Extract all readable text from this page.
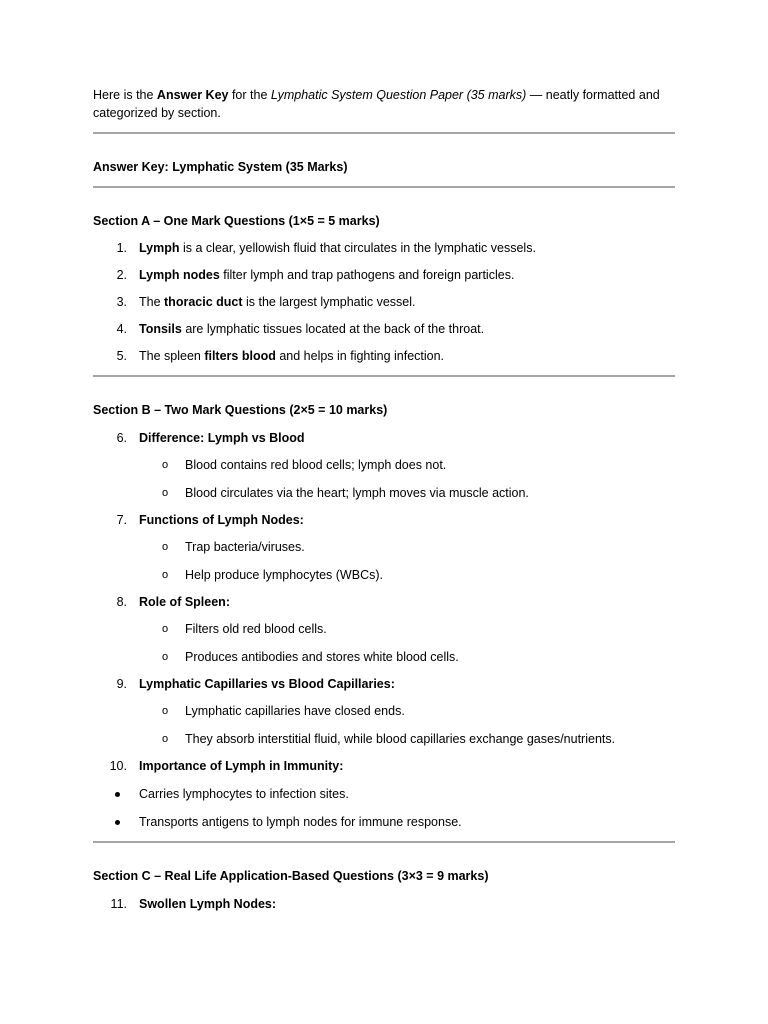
Here is the Answer Key for the Lymphatic System Question Paper (35 marks) — neatly formatted and categorized by section.

Answer Key: Lymphatic System (35 Marks)

Section A – One Mark Questions (1×5 = 5 marks)

1. Lymph is a clear, yellowish fluid that circulates in the lymphatic vessels.

2. Lymph nodes filter lymph and trap pathogens and foreign particles.

3. The thoracic duct is the largest lymphatic vessel.

4. Tonsils are lymphatic tissues located at the back of the throat.

5. The spleen filters blood and helps in fighting infection.

Section B – Two Mark Questions (2×5 = 10 marks)

6. Difference: Lymph vs Blood

o Blood contains red blood cells; lymph does not.

o Blood circulates via the heart; lymph moves via muscle action.

7. Functions of Lymph Nodes:

o Trap bacteria/viruses.

o Help produce lymphocytes (WBCs).

8. Role of Spleen:

o Filters old red blood cells.

o Produces antibodies and stores white blood cells.

9. Lymphatic Capillaries vs Blood Capillaries:

o Lymphatic capillaries have closed ends.

o They absorb interstitial fluid, while blood capillaries exchange gases/nutrients.

10. Importance of Lymph in Immunity:

Carries lymphocytes to infection sites.

Transports antigens to lymph nodes for immune response.

Section C – Real Life Application-Based Questions (3×3 = 9 marks)

11. Swollen Lymph Nodes:
